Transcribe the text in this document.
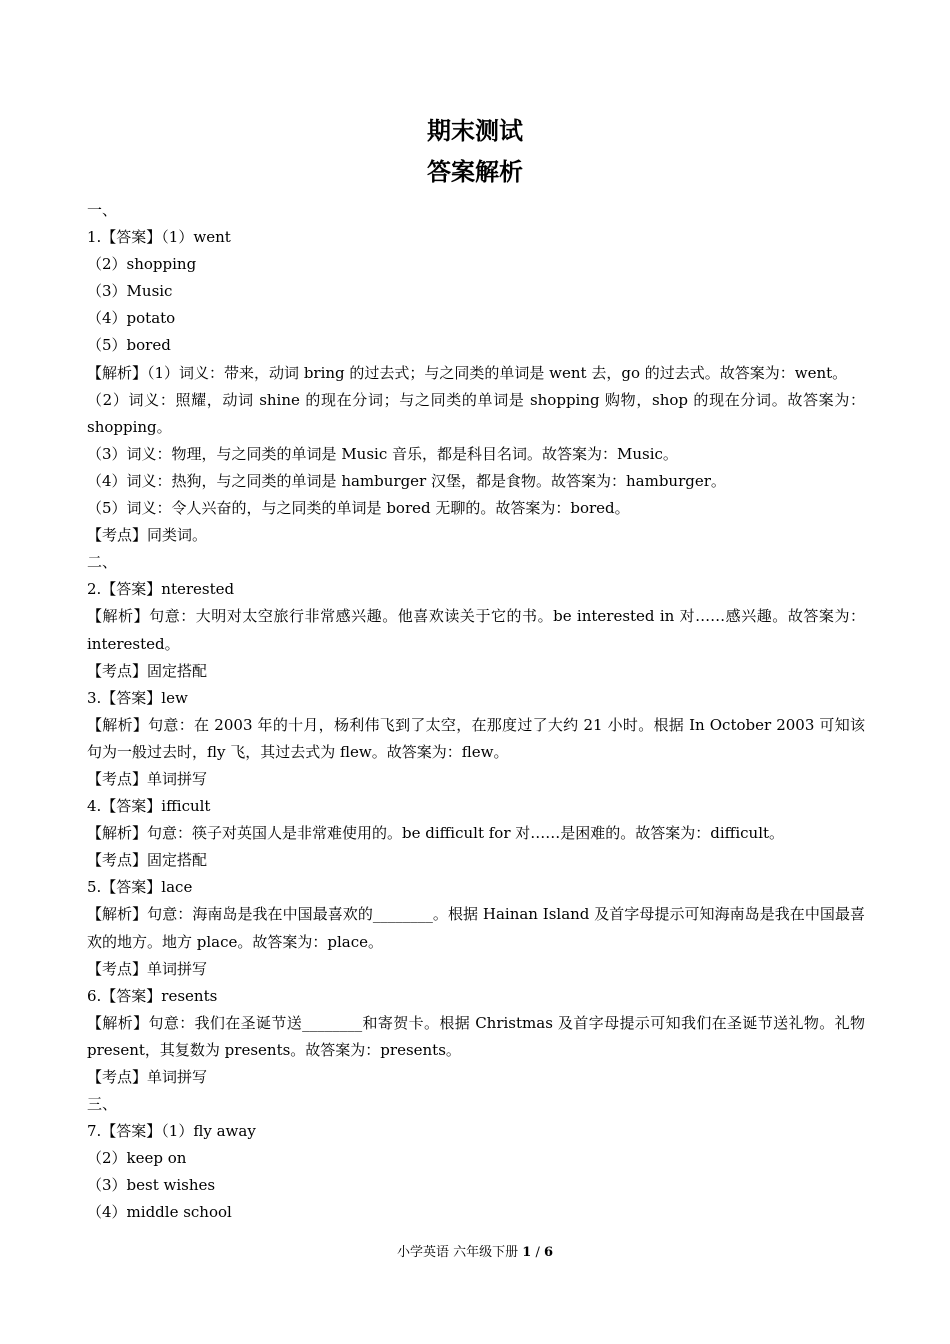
期末测试
答案解析
一、
1.【答案】（1）went
（2）shopping
（3）Music
（4）potato
（5）bored
【解析】（1）词义：带来，动词 bring 的过去式；与之同类的单词是 went 去，go 的过去式。故答案为：went。
（2）词义：照耀，动词 shine 的现在分词；与之同类的单词是 shopping 购物，shop 的现在分词。故答案为：shopping。
（3）词义：物理，与之同类的单词是 Music 音乐，都是科目名词。故答案为：Music。
（4）词义：热狗，与之同类的单词是 hamburger 汉堡，都是食物。故答案为：hamburger。
（5）词义：令人兴奋的，与之同类的单词是 bored 无聊的。故答案为：bored。
【考点】同类词。
二、
2.【答案】nterested
【解析】句意：大明对太空旅行非常感兴趣。他喜欢读关于它的书。be interested in 对……感兴趣。故答案为：interested。
【考点】固定搭配
3.【答案】lew
【解析】句意：在 2003 年的十月，杨利伟飞到了太空，在那度过了大约 21 小时。根据 In October 2003 可知该句为一般过去时，fly 飞，其过去式为 flew。故答案为：flew。
【考点】单词拼写
4.【答案】ifficult
【解析】句意：筷子对英国人是非常难使用的。be difficult for 对……是困难的。故答案为：difficult。
【考点】固定搭配
5.【答案】lace
【解析】句意：海南岛是我在中国最喜欢的________。根据 Hainan Island 及首字母提示可知海南岛是我在中国最喜欢的地方。地方 place。故答案为：place。
【考点】单词拼写
6.【答案】resents
【解析】句意：我们在圣诞节送________和寄贺卡。根据 Christmas 及首字母提示可知我们在圣诞节送礼物。礼物 present，其复数为 presents。故答案为：presents。
【考点】单词拼写
三、
7.【答案】（1）fly away
（2）keep on
（3）best wishes
（4）middle school
小学英语 六年级下册 1 / 6
